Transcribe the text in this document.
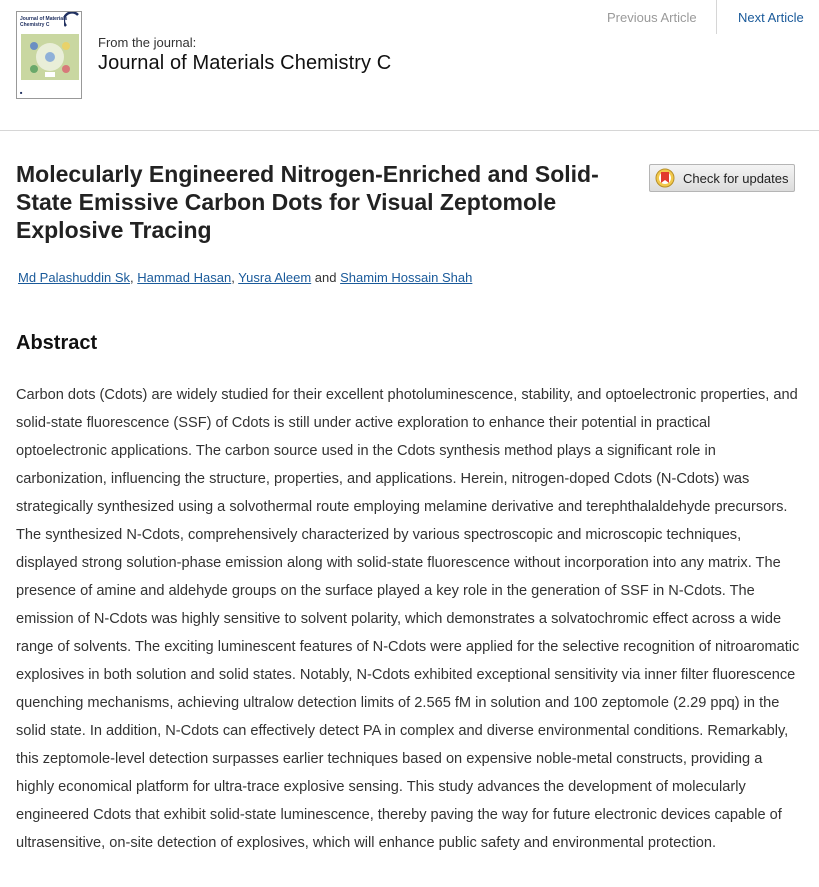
Journal of Materials Chemistry C
■
From the journal:
Journal of Materials Chemistry C
Previous Article	Next Article
Molecularly Engineered Nitrogen-Enriched and Solid-State Emissive Carbon Dots for Visual Zeptomole Explosive Tracing
Check for updates
Md Palashuddin Sk, Hammad Hasan, Yusra Aleem and Shamim Hossain Shah
Abstract

Carbon dots (Cdots) are widely studied for their excellent photoluminescence, stability, and optoelectronic properties, and solid-state fluorescence (SSF) of Cdots is still under active exploration to enhance their potential in practical optoelectronic applications. The carbon source used in the Cdots synthesis method plays a significant role in carbonization, influencing the structure, properties, and applications. Herein, nitrogen-doped Cdots (N-Cdots) was strategically synthesized using a solvothermal route employing melamine derivative and terephthalaldehyde precursors. The synthesized N-Cdots, comprehensively characterized by various spectroscopic and microscopic techniques, displayed strong solution-phase emission along with solid-state fluorescence without incorporation into any matrix. The presence of amine and aldehyde groups on the surface played a key role in the generation of SSF in N-Cdots. The emission of N-Cdots was highly sensitive to solvent polarity, which demonstrates a solvatochromic effect across a wide range of solvents. The exciting luminescent features of N-Cdots were applied for the selective recognition of nitroaromatic explosives in both solution and solid states. Notably, N-Cdots exhibited exceptional sensitivity via inner filter fluorescence quenching mechanisms, achieving ultralow detection limits of 2.565 fM in solution and 100 zeptomole (2.29 ppq) in the solid state. In addition, N-Cdots can effectively detect PA in complex and diverse environmental conditions. Remarkably, this zeptomole-level detection surpasses earlier techniques based on expensive noble-metal constructs, providing a highly economical platform for ultra-trace explosive sensing. This study advances the development of molecularly engineered Cdots that exhibit solid-state luminescence, thereby paving the way for future electronic devices capable of ultrasensitive, on-site detection of explosives, which will enhance public safety and environmental protection.
